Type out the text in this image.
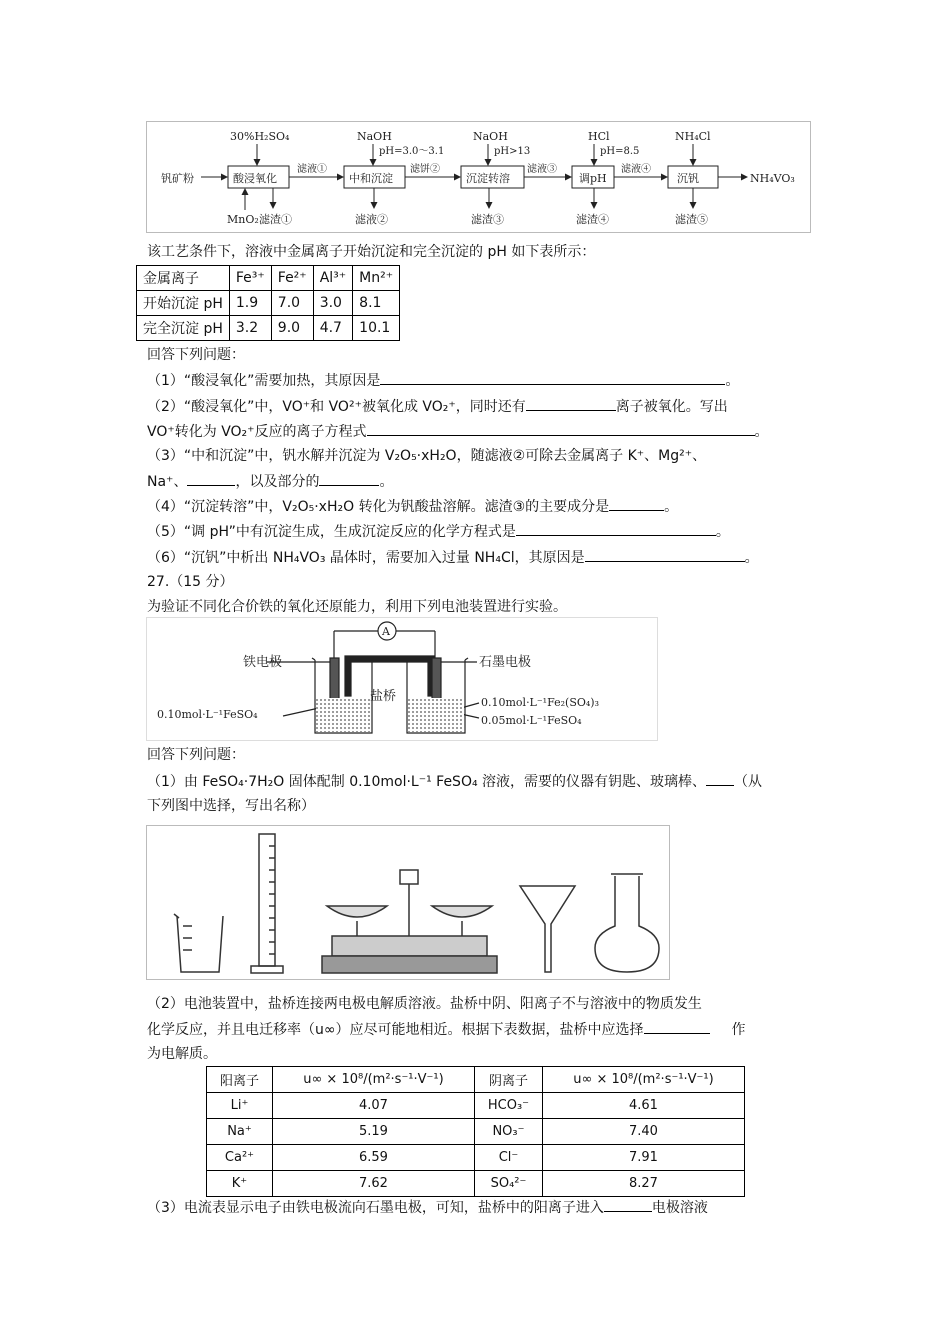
钒矿粉	酸浸氧化	中和沉淀	沉淀转溶	调pH	沉钒
滤液①	滤饼②	滤液③	滤液④
NH₄VO₃
30%H₂SO₄	NaOH
pH=3.0～3.1
NaOH
pH>13
HCl
pH=8.5
NH₄Cl
MnO₂ 滤渣①	滤液②	滤渣③	滤渣④	滤渣⑤
该工艺条件下，溶液中金属离子开始沉淀和完全沉淀的 pH 如下表所示：
金属离子	Fe³⁺	Fe²⁺	Al³⁺	Mn²⁺
开始沉淀 pH	1.9	7.0	3.0	8.1
完全沉淀 pH	3.2	9.0	4.7	10.1
回答下列问题：
（1）“酸浸氧化”需要加热，其原因是	。
（2）“酸浸氧化”中，VO⁺和 VO²⁺被氧化成 VO₂⁺，同时还有	离子被氧化。写出
VO⁺转化为 VO₂⁺反应的离子方程式	。
（3）“中和沉淀”中，钒水解并沉淀为 V₂O₅·xH₂O，随滤液②可除去金属离子 K⁺、Mg²⁺、
Na⁺、	，以及部分的	。
（4）“沉淀转溶”中，V₂O₅·xH₂O 转化为钒酸盐溶解。滤渣③的主要成分是	。
（5）“调 pH”中有沉淀生成，生成沉淀反应的化学方程式是	。
（6）“沉钒”中析出 NH₄VO₃ 晶体时，需要加入过量 NH₄Cl，其原因是	。
27.（15 分）
为验证不同化合价铁的氧化还原能力，利用下列电池装置进行实验。
A
铁电极	石墨电极
盐桥
0.10mol·L⁻¹FeSO₄
0.10mol·L⁻¹Fe₂(SO₄)₃
0.05mol·L⁻¹FeSO₄
回答下列问题：
（1）由 FeSO₄·7H₂O 固体配制 0.10mol·L⁻¹ FeSO₄ 溶液，需要的仪器有钥匙、玻璃棒、 （从
下列图中选择，写出名称）
（2）电池装置中，盐桥连接两电极电解质溶液。盐桥中阴、阳离子不与溶液中的物质发生
化学反应，并且电迁移率（u∞）应尽可能地相近。根据下表数据，盐桥中应选择	作
为电解质。
阳离子	u∞ × 10⁸/(m²·s⁻¹·V⁻¹)	阴离子	u∞ × 10⁸/(m²·s⁻¹·V⁻¹)
Li⁺	4.07	HCO₃⁻	4.61
Na⁺	5.19	NO₃⁻	7.40
Ca²⁺	6.59	Cl⁻	7.91
K⁺	7.62	SO₄²⁻	8.27
（3）电流表显示电子由铁电极流向石墨电极，可知，盐桥中的阳离子进入	电极溶液
